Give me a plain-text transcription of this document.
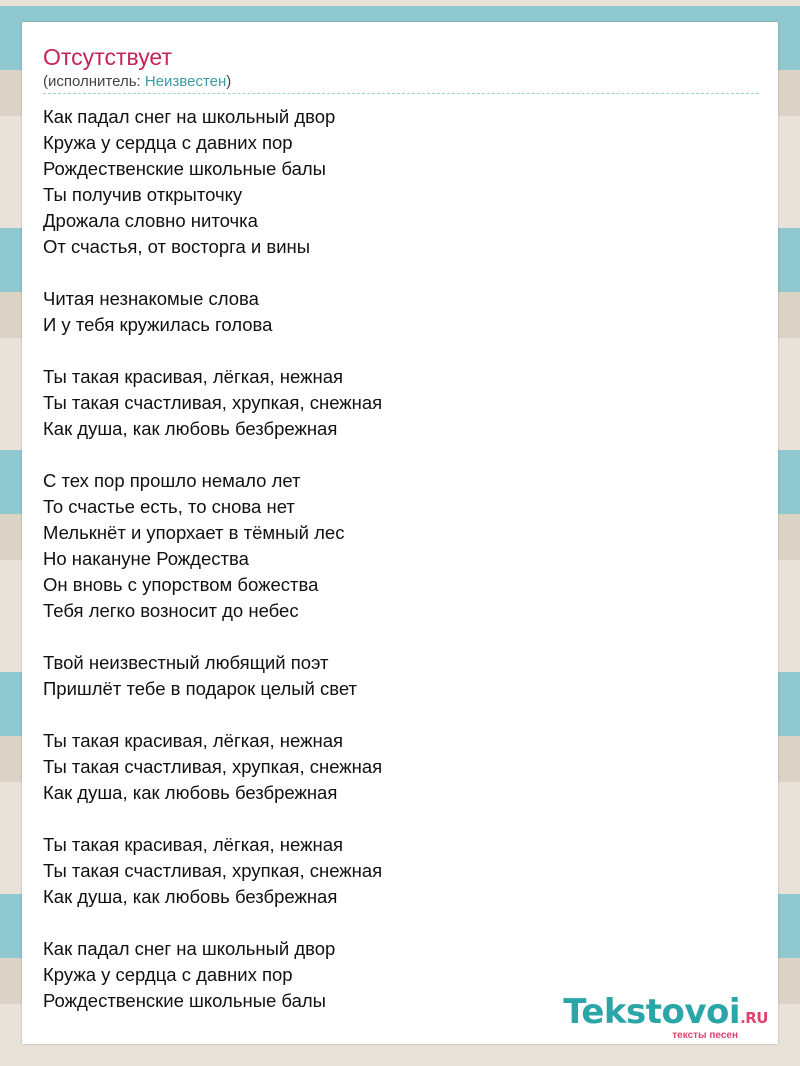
Отсутствует
(исполнитель: Неизвестен)
Как падал снег на школьный двор
Кружа у сердца с давних пор
Рождественские школьные балы
Ты получив открыточку
Дрожала словно ниточка
От счастья, от восторга и вины
Читая незнакомые слова
И у тебя кружилась голова
Ты такая красивая, лёгкая, нежная
Ты такая счастливая, хрупкая, снежная
Как душа, как любовь безбрежная
С тех пор прошло немало лет
То счастье есть, то снова нет
Мелькнёт и упорхает в тёмный лес
Но накануне Рождества
Он вновь с упорством божества
Тебя легко возносит до небес
Твой неизвестный любящий поэт
Пришлёт тебе в подарок целый свет
Ты такая красивая, лёгкая, нежная
Ты такая счастливая, хрупкая, снежная
Как душа, как любовь безбрежная
Ты такая красивая, лёгкая, нежная
Ты такая счастливая, хрупкая, снежная
Как душа, как любовь безбрежная
Как падал снег на школьный двор
Кружа у сердца с давних пор
Рождественские школьные балы	Tekstovoi.RU
тексты песен
